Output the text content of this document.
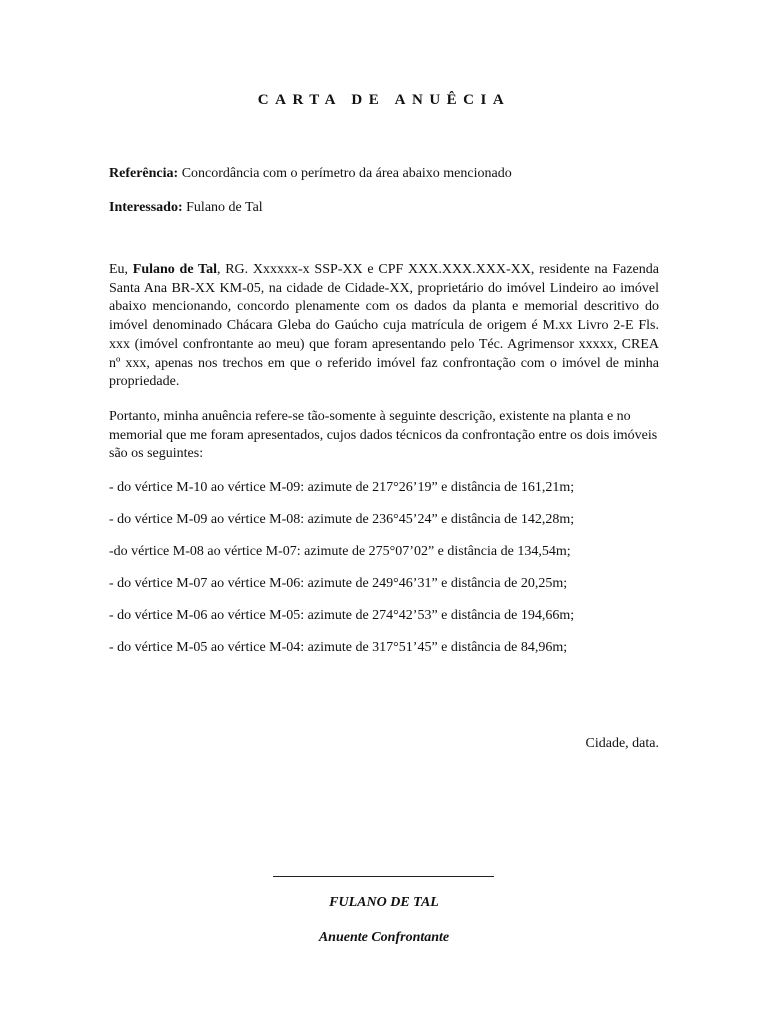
CARTA DE ANUÊCIA
Referência: Concordância com o perímetro da área abaixo mencionado
Interessado: Fulano de Tal

Eu, Fulano de Tal, RG. Xxxxxx-x SSP-XX e CPF XXX.XXX.XXX-XX, residente na Fazenda Santa Ana BR-XX KM-05, na cidade de Cidade-XX, proprietário do imóvel Lindeiro ao imóvel abaixo mencionando, concordo plenamente com os dados da planta e memorial descritivo do imóvel denominado Chácara Gleba do Gaúcho cuja matrícula de origem é M.xx Livro 2-E Fls. xxx (imóvel confrontante ao meu) que foram apresentando pelo Téc. Agrimensor xxxxx, CREA nº xxx, apenas nos trechos em que o referido imóvel faz confrontação com o imóvel de minha propriedade.

Portanto, minha anuência refere-se tão-somente à seguinte descrição, existente na planta e no memorial que me foram apresentados, cujos dados técnicos da confrontação entre os dois imóveis são os seguintes:

- do vértice M-10 ao vértice M-09: azimute de 217°26’19” e distância de 161,21m;
- do vértice M-09 ao vértice M-08: azimute de 236°45’24” e distância de 142,28m;
-do vértice M-08 ao vértice M-07: azimute de 275°07’02” e distância de 134,54m;
- do vértice M-07 ao vértice M-06: azimute de 249°46’31” e distância de 20,25m;
- do vértice M-06 ao vértice M-05: azimute de 274°42’53” e distância de 194,66m;
- do vértice M-05 ao vértice M-04: azimute de 317°51’45” e distância de 84,96m;
Cidade, data.
FULANO DE TAL
Anuente Confrontante
